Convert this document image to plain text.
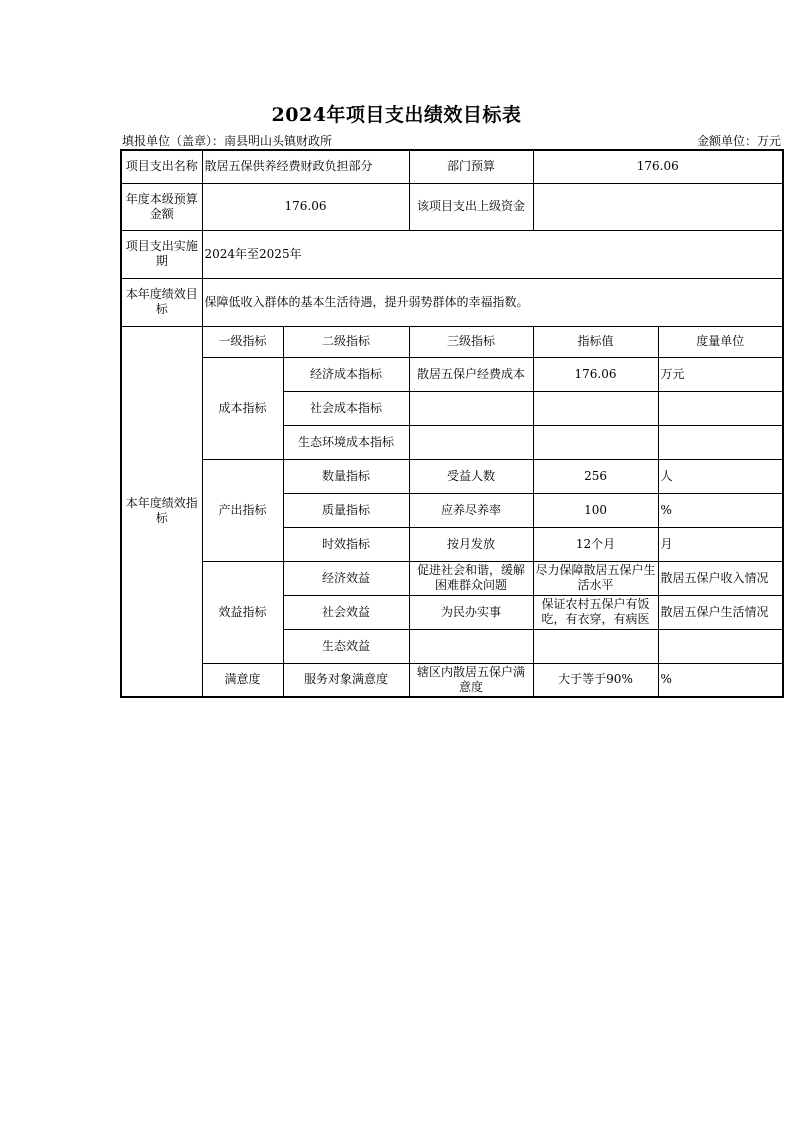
2024年项目支出绩效目标表
填报单位（盖章）：南县明山头镇财政所	金额单位：万元
项目支出名称	散居五保供养经费财政负担部分		部门预算	176.06	
年度本级预算金额	176.06		该项目支出上级资金		
项目支出实施期	2024年至2025年				
本年度绩效目标	保障低收入群体的基本生活待遇，提升弱势群体的幸福指数。				
本年度绩效指标	一级指标	二级指标	三级指标	指标值	度量单位
	成本指标	经济成本指标	散居五保户经费成本	176.06	万元
		社会成本指标			
		生态环境成本指标			
	产出指标	数量指标	受益人数	256	人
		质量指标	应养尽养率	100	%
		时效指标	按月发放	12个月	月
	效益指标	经济效益	促进社会和谐，缓解困难群众问题	尽力保障散居五保户生活水平	散居五保户收入情况
		社会效益	为民办实事	保证农村五保户有饭吃，有衣穿，有病医	散居五保户生活情况
		生态效益			
	满意度	服务对象满意度	辖区内散居五保户满意度	大于等于90%	%
